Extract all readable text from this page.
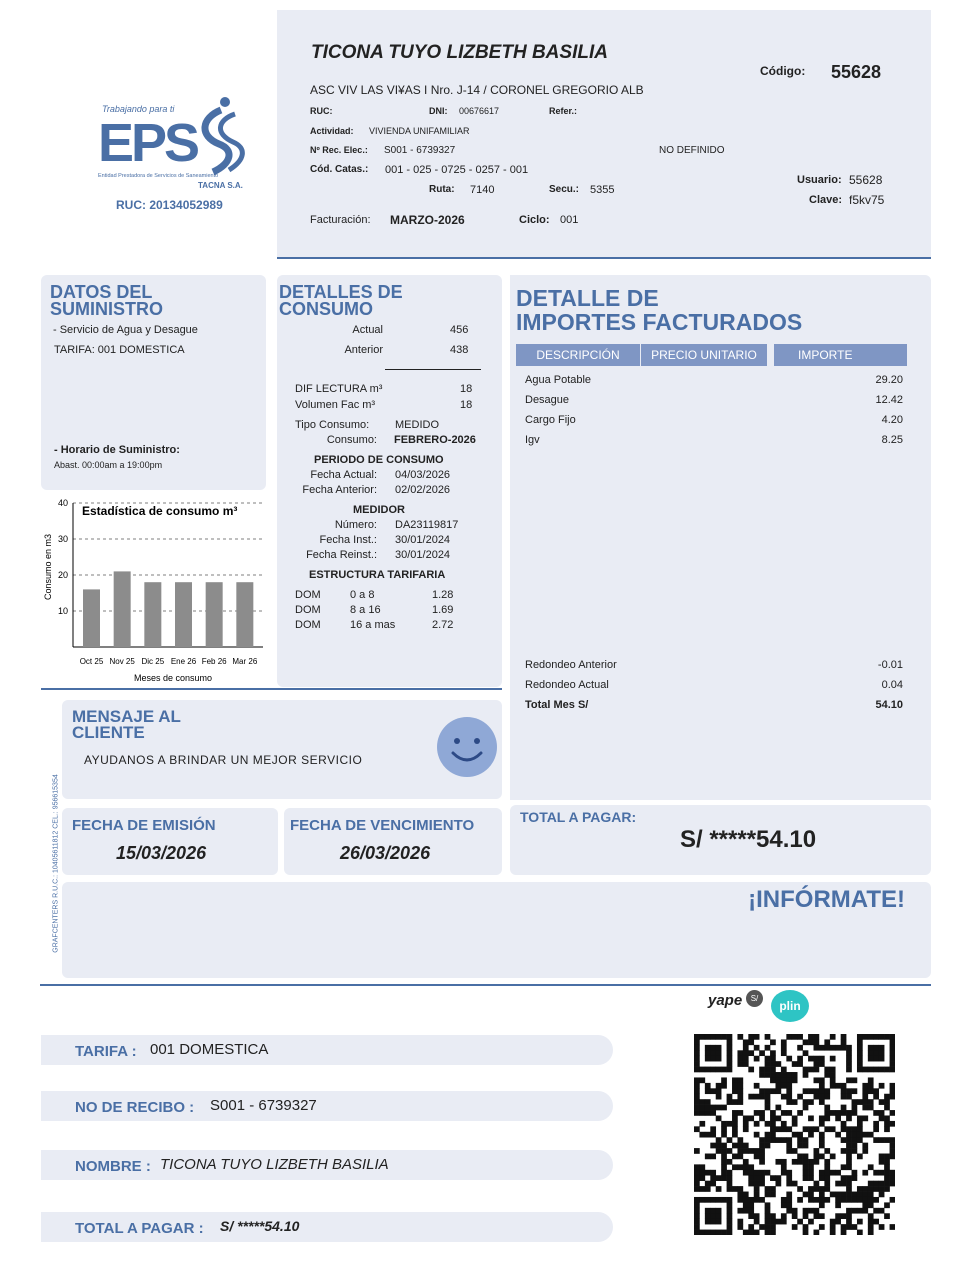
Trabajando para ti
EPS
Entidad Prestadora de Servicios de Saneamiento
TACNA S.A.
RUC: 20134052989
TICONA TUYO LIZBETH BASILIA
Código: 55628
ASC VIV LAS VI¥AS I Nro. J-14 / CORONEL GREGORIO ALB
RUC:	DNI: 00676617	Refer.:
Actividad: VIVIENDA UNIFAMILIAR
Nº Rec. Elec.: S001 - 6739327	NO DEFINIDO
Cód. Catas.: 001 - 025 - 0725 - 0257 - 001
Ruta: 7140	Secu.: 5355
Usuario: 55628
Clave: f5kv75
Facturación: MARZO-2026	Ciclo: 001
DATOS DEL
SUMINISTRO
- Servicio de Agua y Desague
TARIFA: 001 DOMESTICA
- Horario de Suministro:
Abast. 00:00am a 19:00pm
10
20
30
40
Oct 25 Nov 25 Dic 25 Ene 26 Feb 26 Mar 26
Estadística de consumo m³
Meses de consumo
Consumo en m3
DETALLES DE
CONSUMO
Actual	456
Anterior	438
DIF LECTURA m³	18
Volumen Fac m³	18
Tipo Consumo: MEDIDO
Consumo: FEBRERO-2026
PERIODO DE CONSUMO
Fecha Actual: 04/03/2026
Fecha Anterior: 02/02/2026
MEDIDOR
Número: DA23119817
Fecha Inst.: 30/01/2024
Fecha Reinst.: 30/01/2024
ESTRUCTURA TARIFARIA
DOM	0 a 8	1.28
DOM	8 a 16	1.69
DOM	16 a mas	2.72
DETALLE DE
IMPORTES FACTURADOS
DESCRIPCIÓN	PRECIO UNITARIO	IMPORTE
Agua Potable	29.20
Desague	12.42
Cargo Fijo	4.20
Igv	8.25
Redondeo Anterior	-0.01
Redondeo Actual	0.04
Total Mes S/	54.10
MENSAJE AL
CLIENTE
AYUDANOS A BRINDAR UN MEJOR SERVICIO
GRAFCENTERS R.U.C.: 10405611812 CEL.: 956615354 FECHA DE EMISIÓN
15/03/2026
FECHA DE VENCIMIENTO
26/03/2026
TOTAL A PAGAR:
S/ *****54.10
¡INFÓRMATE!
yape	S/
plin
TARIFA : 001 DOMESTICA
NO DE RECIBO : S001 - 6739327
NOMBRE : TICONA TUYO LIZBETH BASILIA
TOTAL A PAGAR : S/ *****54.10
